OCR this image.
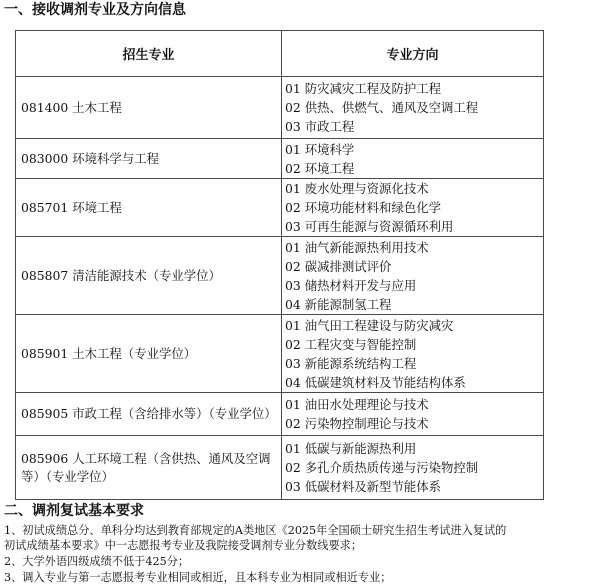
一、接收调剂专业及方向信息
招生专业	专业方向
081400 土木工程	01 防灾减灾工程及防护工程
02 供热、供燃气、通风及空调工程
03 市政工程

083000 环境科学与工程	01 环境科学
02 环境工程

085701 环境工程	01 废水处理与资源化技术
02 环境功能材料和绿色化学
03 可再生能源与资源循环利用

085807 清洁能源技术（专业学位）	01 油气新能源热利用技术
02 碳减排测试评价
03 储热材料开发与应用
04 新能源制氢工程

085901 土木工程（专业学位）	01 油气田工程建设与防灾减灾
02 工程灾变与智能控制
03 新能源系统结构工程
04 低碳建筑材料及节能结构体系

085905 市政工程（含给排水等）（专业学位）	01 油田水处理理论与技术
02 污染物控制理论与技术

085906 人工环境工程（含供热、通风及空调等）（专业学位）	01 低碳与新能源热利用
02 多孔介质热质传递与污染物控制
03 低碳材料及新型节能体系
二、调剂复试基本要求
1、初试成绩总分、单科分均达到教育部规定的A类地区《2025年全国硕士研究生招生考试进入复试的
初试成绩基本要求》中一志愿报考专业及我院接受调剂专业分数线要求；
2、大学外语四级成绩不低于425分；
3、调入专业与第一志愿报考专业相同或相近，且本科专业为相同或相近专业；
